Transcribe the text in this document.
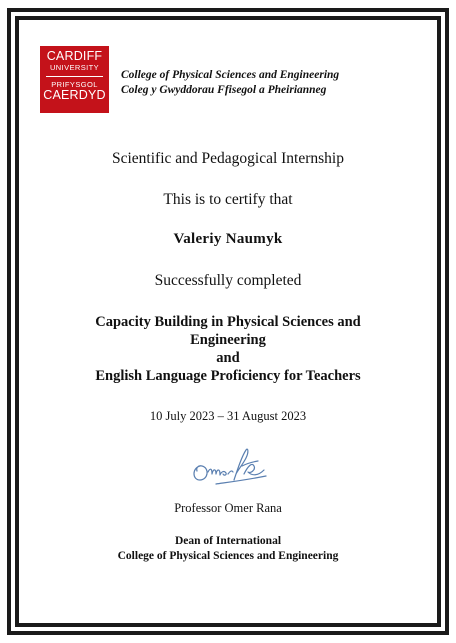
CARDIFF
UNIVERSITY
PRIFYSGOL
CAERDYD
College of Physical Sciences and Engineering
Coleg y Gwyddorau Ffisegol a Pheirianneg
Scientific and Pedagogical Internship
This is to certify that
Valeriy Naumyk
Successfully completed
Capacity Building in Physical Sciences and
Engineering
and
English Language Proficiency for Teachers
10 July 2023 – 31 August 2023
Professor Omer Rana
Dean of International
College of Physical Sciences and Engineering
